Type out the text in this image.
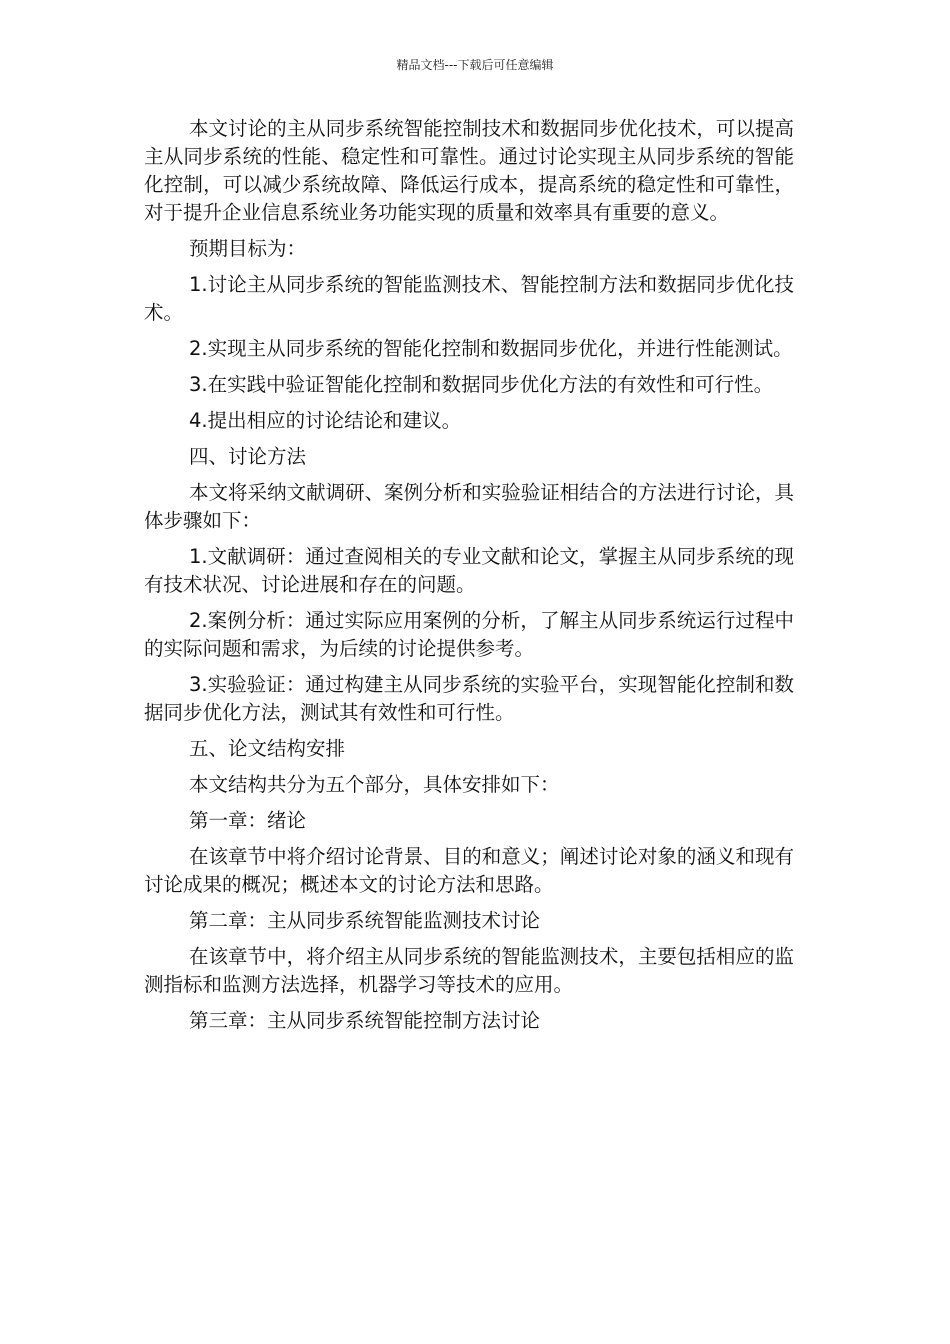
精品文档---下载后可任意编辑

本文讨论的主从同步系统智能控制技术和数据同步优化技术，可以提高主从同步系统的性能、稳定性和可靠性。通过讨论实现主从同步系统的智能化控制，可以减少系统故障、降低运行成本，提高系统的稳定性和可靠性，对于提升企业信息系统业务功能实现的质量和效率具有重要的意义。

预期目标为：

1.讨论主从同步系统的智能监测技术、智能控制方法和数据同步优化技术。

2.实现主从同步系统的智能化控制和数据同步优化，并进行性能测试。

3.在实践中验证智能化控制和数据同步优化方法的有效性和可行性。

4.提出相应的讨论结论和建议。

四、讨论方法

本文将采纳文献调研、案例分析和实验验证相结合的方法进行讨论，具体步骤如下：

1.文献调研：通过查阅相关的专业文献和论文，掌握主从同步系统的现有技术状况、讨论进展和存在的问题。

2.案例分析：通过实际应用案例的分析，了解主从同步系统运行过程中的实际问题和需求，为后续的讨论提供参考。

3.实验验证：通过构建主从同步系统的实验平台，实现智能化控制和数据同步优化方法，测试其有效性和可行性。

五、论文结构安排

本文结构共分为五个部分，具体安排如下：

第一章：绪论

在该章节中将介绍讨论背景、目的和意义；阐述讨论对象的涵义和现有讨论成果的概况；概述本文的讨论方法和思路。

第二章：主从同步系统智能监测技术讨论

在该章节中，将介绍主从同步系统的智能监测技术，主要包括相应的监测指标和监测方法选择，机器学习等技术的应用。

第三章：主从同步系统智能控制方法讨论
